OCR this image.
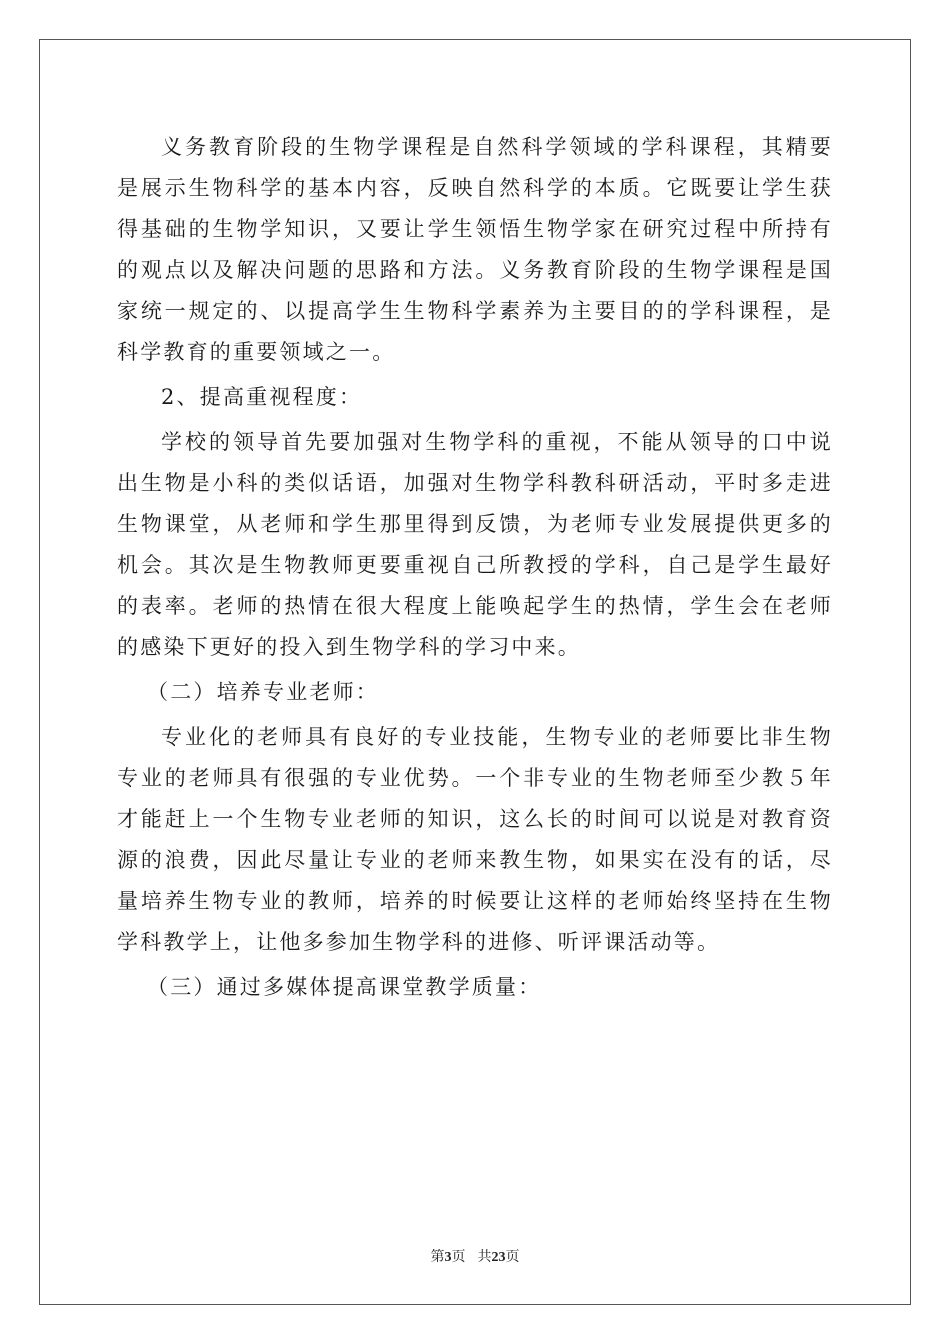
义务教育阶段的生物学课程是自然科学领域的学科课程，其精要是展示生物科学的基本内容，反映自然科学的本质。它既要让学生获得基础的生物学知识，又要让学生领悟生物学家在研究过程中所持有的观点以及解决问题的思路和方法。义务教育阶段的生物学课程是国家统一规定的、以提高学生生物科学素养为主要目的的学科课程，是科学教育的重要领域之一。

2、提高重视程度：

学校的领导首先要加强对生物学科的重视，不能从领导的口中说出生物是小科的类似话语，加强对生物学科教科研活动，平时多走进生物课堂，从老师和学生那里得到反馈，为老师专业发展提供更多的机会。其次是生物教师更要重视自己所教授的学科，自己是学生最好的表率。老师的热情在很大程度上能唤起学生的热情，学生会在老师的感染下更好的投入到生物学科的学习中来。

（二）培养专业老师：

专业化的老师具有良好的专业技能，生物专业的老师要比非生物专业的老师具有很强的专业优势。一个非专业的生物老师至少教５年才能赶上一个生物专业老师的知识，这么长的时间可以说是对教育资源的浪费，因此尽量让专业的老师来教生物，如果实在没有的话，尽量培养生物专业的教师，培养的时候要让这样的老师始终坚持在生物学科教学上，让他多参加生物学科的进修、听评课活动等。

（三）通过多媒体提高课堂教学质量：

第3页 共23页
